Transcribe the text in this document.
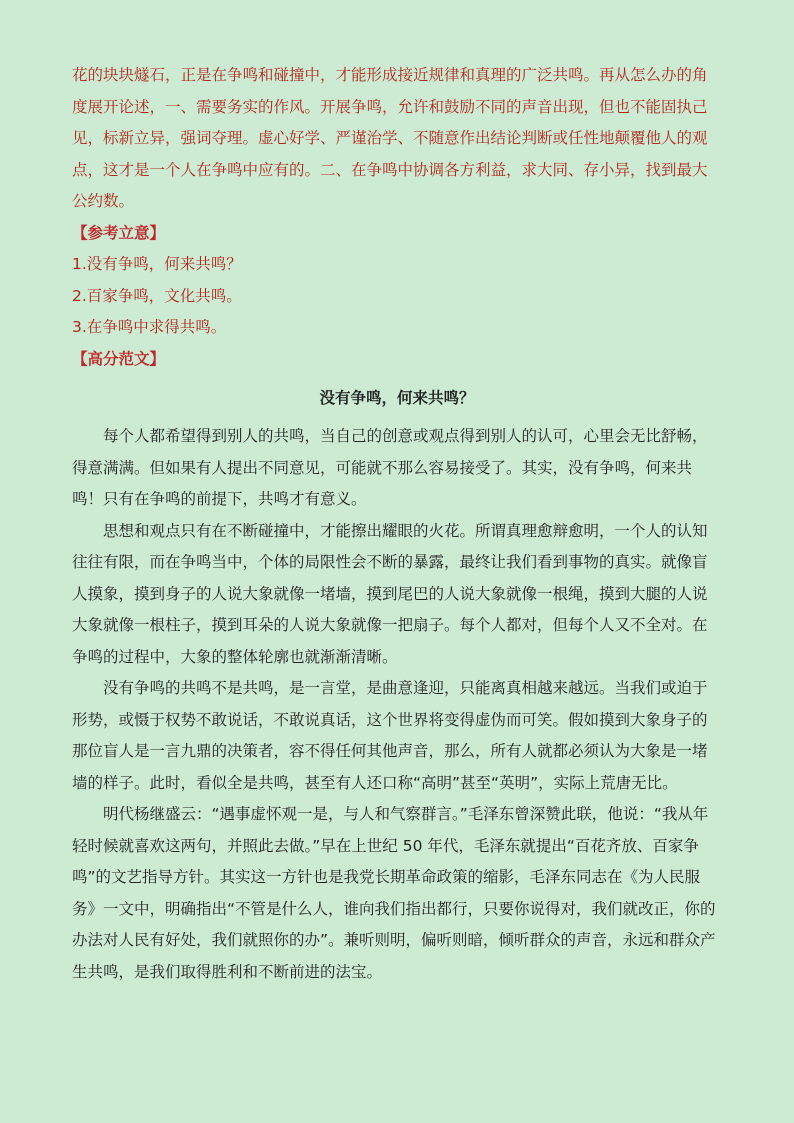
花的块块燧石，正是在争鸣和碰撞中，才能形成接近规律和真理的广泛共鸣。再从怎么办的角度展开论述，一、需要务实的作风。开展争鸣，允许和鼓励不同的声音出现，但也不能固执己见，标新立异，强词夺理。虚心好学、严谨治学、不随意作出结论判断或任性地颠覆他人的观点，这才是一个人在争鸣中应有的。二、在争鸣中协调各方利益，求大同、存小异，找到最大公约数。

【参考立意】

1.没有争鸣，何来共鸣？

2.百家争鸣，文化共鸣。

3.在争鸣中求得共鸣。

【高分范文】

没有争鸣，何来共鸣？

每个人都希望得到别人的共鸣，当自己的创意或观点得到别人的认可，心里会无比舒畅，得意满满。但如果有人提出不同意见，可能就不那么容易接受了。其实，没有争鸣，何来共鸣！只有在争鸣的前提下，共鸣才有意义。

思想和观点只有在不断碰撞中，才能擦出耀眼的火花。所谓真理愈辩愈明，一个人的认知往往有限，而在争鸣当中，个体的局限性会不断的暴露，最终让我们看到事物的真实。就像盲人摸象，摸到身子的人说大象就像一堵墙，摸到尾巴的人说大象就像一根绳，摸到大腿的人说大象就像一根柱子，摸到耳朵的人说大象就像一把扇子。每个人都对，但每个人又不全对。在争鸣的过程中，大象的整体轮廓也就渐渐清晰。

没有争鸣的共鸣不是共鸣，是一言堂，是曲意逢迎，只能离真相越来越远。当我们或迫于形势，或慑于权势不敢说话，不敢说真话，这个世界将变得虚伪而可笑。假如摸到大象身子的那位盲人是一言九鼎的决策者，容不得任何其他声音，那么，所有人就都必须认为大象是一堵墙的样子。此时，看似全是共鸣，甚至有人还口称“高明”甚至“英明”，实际上荒唐无比。

明代杨继盛云：“遇事虚怀观一是，与人和气察群言。”毛泽东曾深赞此联，他说：“我从年轻时候就喜欢这两句，并照此去做。”早在上世纪 50 年代，毛泽东就提出“百花齐放、百家争鸣”的文艺指导方针。其实这一方针也是我党长期革命政策的缩影，毛泽东同志在《为人民服务》一文中，明确指出“不管是什么人，谁向我们指出都行，只要你说得对，我们就改正，你的办法对人民有好处，我们就照你的办”。兼听则明，偏听则暗，倾听群众的声音，永远和群众产生共鸣，是我们取得胜利和不断前进的法宝。
